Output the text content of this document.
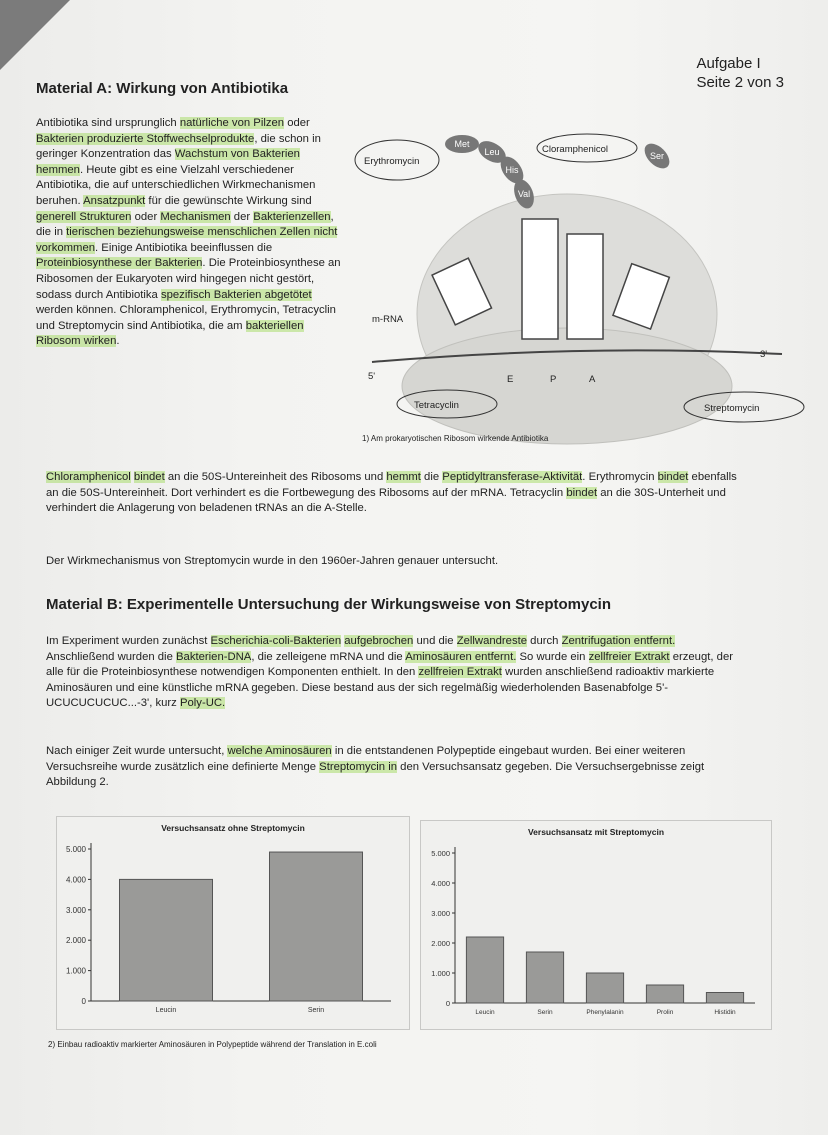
Aufgabe I
Seite 2 von 3
Material A: Wirkung von Antibiotika
Antibiotika sind ursprunglich natürliche von Pilzen oder Bakterien produzierte Stoffwechselprodukte, die schon in geringer Konzentration das Wachstum von Bakterien hemmen. Heute gibt es eine Vielzahl verschiedener Antibiotika, die auf unterschiedlichen Wirkmechanismen beruhen. Ansatzpunkt für die gewünschte Wirkung sind generell Strukturen oder Mechanismen der Bakterienzellen, die in tierischen beziehungsweise menschlichen Zellen nicht vorkommen. Einige Antibiotika beeinflussen die Proteinbiosynthese der Bakterien. Die Proteinbiosynthese an Ribosomen der Eukaryoten wird hingegen nicht gestört, sodass durch Antibiotika spezifisch Bakterien abgetötet werden können. Chloramphenicol, Erythromycin, Tetracyclin und Streptomycin sind Antibiotika, die am bakteriellen Ribosom wirken.
Met
Leu
His
Val
Ser
Erythromycin
Cloramphenicol
Tetracyclin	Streptomycin
m-RNA
5'
3'
E	P	A
1) Am prokaryotischen Ribosom wirkende Antibiotika
Chloramphenicol bindet an die 50S-Untereinheit des Ribosoms und hemmt die Peptidyltransferase-Aktivität. Erythromycin bindet ebenfalls an die 50S-Untereinheit. Dort verhindert es die Fortbewegung des Ribosoms auf der mRNA. Tetracyclin bindet an die 30S-Unterheit und verhindert die Anlagerung von beladenen tRNAs an die A-Stelle.
Der Wirkmechanismus von Streptomycin wurde in den 1960er-Jahren genauer untersucht.
Material B: Experimentelle Untersuchung der Wirkungsweise von Streptomycin
Im Experiment wurden zunächst Escherichia-coli-Bakterien aufgebrochen und die Zellwandreste durch Zentrifugation entfernt. Anschließend wurden die Bakterien-DNA, die zelleigene mRNA und die Aminosäuren entfernt. So wurde ein zellfreier Extrakt erzeugt, der alle für die Proteinbiosynthese notwendigen Komponenten enthielt. In den zellfreien Extrakt wurden anschließend radioaktiv markierte Aminosäuren und eine künstliche mRNA gegeben. Diese bestand aus der sich regelmäßig wiederholenden Basenabfolge 5'-UCUCUCUCUC...-3', kurz Poly-UC.
Nach einiger Zeit wurde untersucht, welche Aminosäuren in die entstandenen Polypeptide eingebaut wurden. Bei einer weiteren Versuchsreihe wurde zusätzlich eine definierte Menge Streptomycin in den Versuchsansatz gegeben. Die Versuchsergebnisse zeigt Abbildung 2.
Versuchsansatz ohne Streptomycin
5.000
4.000
3.000
2.000
1.000
0
Leucin	Serin
Versuchsansatz mit Streptomycin
5.000
4.000
3.000
2.000
1.000
0
Leucin	Serin	Phenylalanin	Prolin	Histidin
2) Einbau radioaktiv markierter Aminosäuren in Polypeptide während der Translation in E.coli
